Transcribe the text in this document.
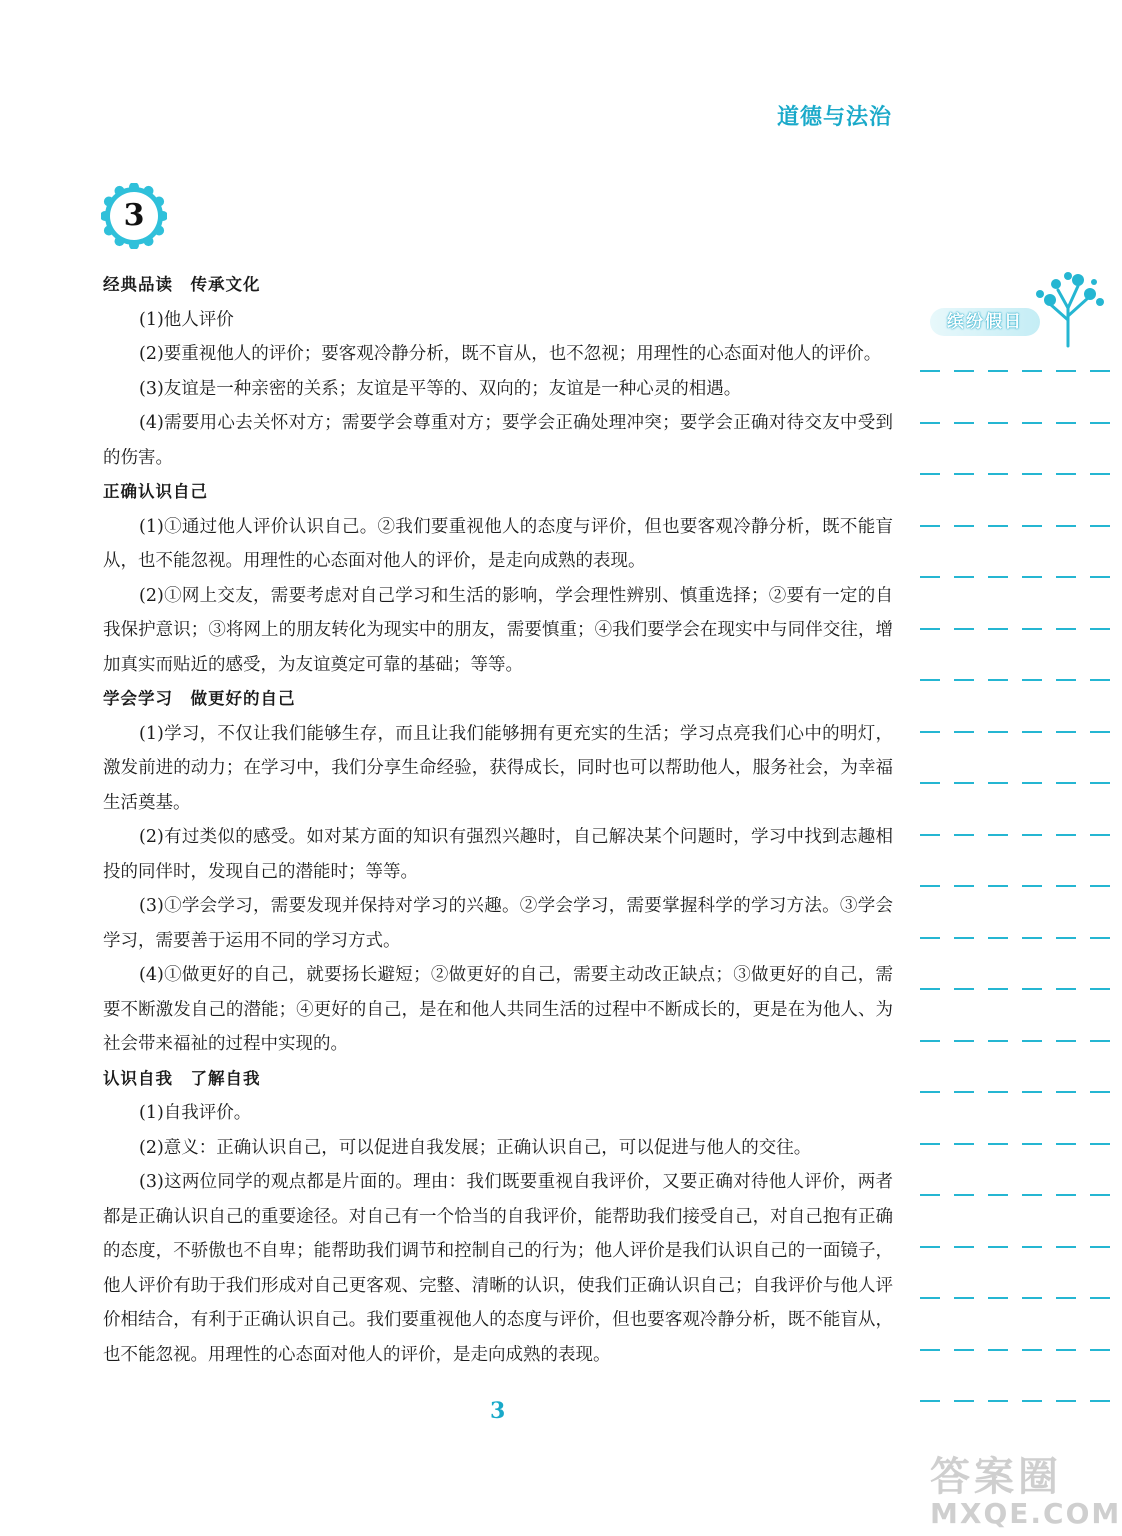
道德与法治
3
经典品读　传承文化
(1)他人评价
(2)要重视他人的评价；要客观冷静分析，既不盲从，也不忽视；用理性的心态面对他人的评价。
(3)友谊是一种亲密的关系；友谊是平等的、双向的；友谊是一种心灵的相遇。
(4)需要用心去关怀对方；需要学会尊重对方；要学会正确处理冲突；要学会正确对待交友中受到的伤害。
正确认识自己
(1)①通过他人评价认识自己。②我们要重视他人的态度与评价，但也要客观冷静分析，既不能盲从，也不能忽视。用理性的心态面对他人的评价，是走向成熟的表现。
(2)①网上交友，需要考虑对自己学习和生活的影响，学会理性辨别、慎重选择；②要有一定的自我保护意识；③将网上的朋友转化为现实中的朋友，需要慎重；④我们要学会在现实中与同伴交往，增加真实而贴近的感受，为友谊奠定可靠的基础；等等。
学会学习　做更好的自己
(1)学习，不仅让我们能够生存，而且让我们能够拥有更充实的生活；学习点亮我们心中的明灯，激发前进的动力；在学习中，我们分享生命经验，获得成长，同时也可以帮助他人，服务社会，为幸福生活奠基。
(2)有过类似的感受。如对某方面的知识有强烈兴趣时，自己解决某个问题时，学习中找到志趣相投的同伴时，发现自己的潜能时；等等。
(3)①学会学习，需要发现并保持对学习的兴趣。②学会学习，需要掌握科学的学习方法。③学会学习，需要善于运用不同的学习方式。
(4)①做更好的自己，就要扬长避短；②做更好的自己，需要主动改正缺点；③做更好的自己，需要不断激发自己的潜能；④更好的自己，是在和他人共同生活的过程中不断成长的，更是在为他人、为社会带来福祉的过程中实现的。
认识自我　了解自我
(1)自我评价。
(2)意义：正确认识自己，可以促进自我发展；正确认识自己，可以促进与他人的交往。
(3)这两位同学的观点都是片面的。理由：我们既要重视自我评价，又要正确对待他人评价，两者都是正确认识自己的重要途径。对自己有一个恰当的自我评价，能帮助我们接受自己，对自己抱有正确的态度，不骄傲也不自卑；能帮助我们调节和控制自己的行为；他人评价是我们认识自己的一面镜子，他人评价有助于我们形成对自己更客观、完整、清晰的认识，使我们正确认识自己；自我评价与他人评价相结合，有利于正确认识自己。我们要重视他人的态度与评价，但也要客观冷静分析，既不能盲从，也不能忽视。用理性的心态面对他人的评价，是走向成熟的表现。
缤纷假日
3
答案圈
MXQE.COM
